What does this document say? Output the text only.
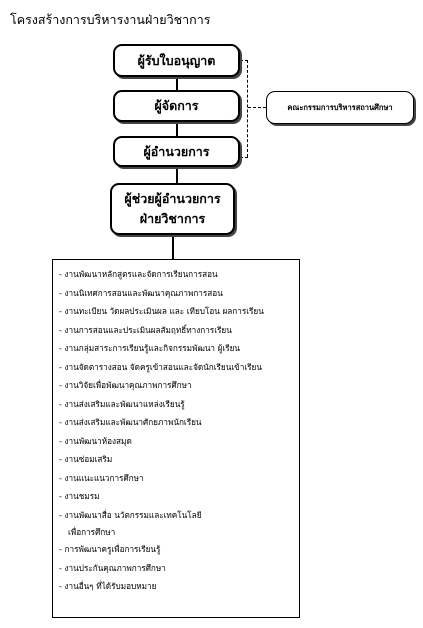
โครงสร้างการบริหารงานฝ่ายวิชาการ
ผู้รับใบอนุญาต
ผู้จัดการ
ผู้อำนวยการ
ผู้ช่วยผู้อำนวยการ
ฝ่ายวิชาการ
คณะกรรมการบริหารสถานศึกษา
- งานพัฒนาหลักสูตรและจัดการเรียนการสอน
- งานนิเทศการสอนและพัฒนาคุณภาพการสอน
- งานทะเบียน วัดผลประเมินผล และ เทียบโอน ผลการเรียน
- งานการสอนและประเมินผลสัมฤทธิ์ทางการเรียน
- งานกลุ่มสาระการเรียนรู้และกิจกรรมพัฒนา ผู้เรียน
- งานจัดตารางสอน จัดครูเข้าสอนและจัดนักเรียนเข้าเรียน
- งานวิจัยเพื่อพัฒนาคุณภาพการศึกษา
- งานส่งเสริมและพัฒนาแหล่งเรียนรู้
- งานส่งเสริมและพัฒนาศักยภาพนักเรียน
- งานพัฒนาห้องสมุด
- งานซ่อมเสริม
- งานแนะแนวการศึกษา
- งานชมรม
- งานพัฒนาสื่อ นวัตกรรมและเทคโนโลยี
เพื่อการศึกษา
- การพัฒนาครูเพื่อการเรียนรู้
- งานประกันคุณภาพการศึกษา
- งานอื่นๆ ที่ได้รับมอบหมาย
